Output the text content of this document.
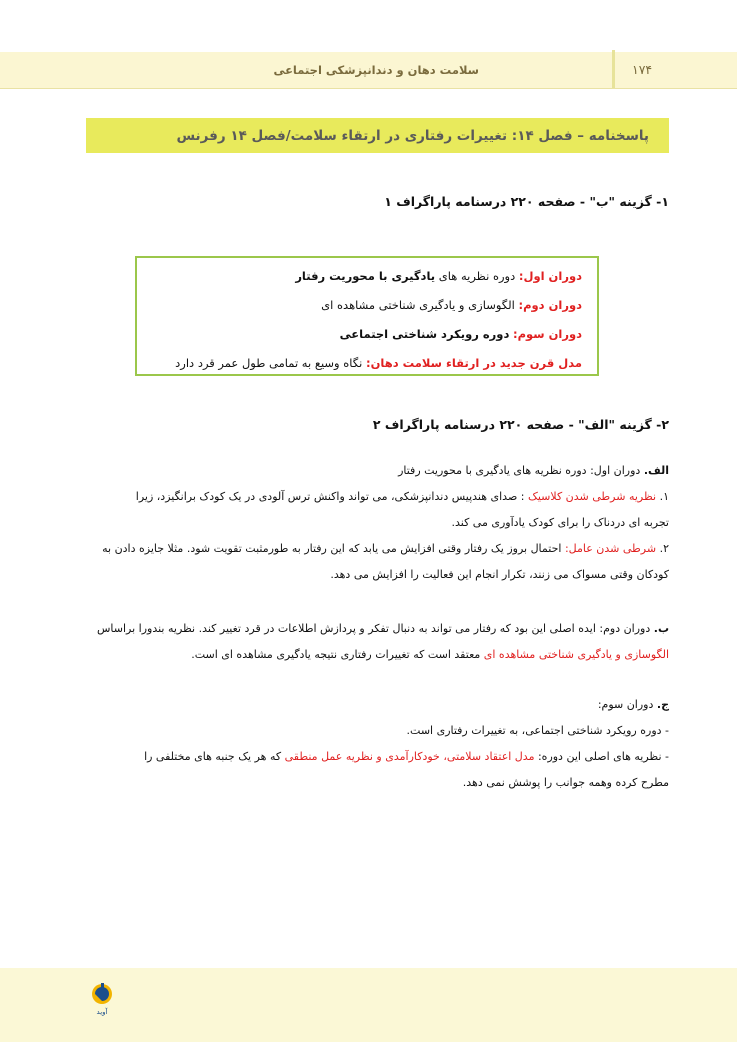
سلامت دهان و دندانپزشکی اجتماعی	۱۷۴
پاسخنامه – فصل ۱۴: تغییرات رفتاری در ارتقاء سلامت/فصل ۱۴ رفرنس
۱- گزینه "ب" - صفحه ۲۲۰ درسنامه پاراگراف ۱
دوران اول: دوره نظریه های یادگیری با محوریت رفتار
دوران دوم: الگوسازی و یادگیری شناختی مشاهده ای
دوران سوم: دوره رویکرد شناختی اجتماعی
مدل قرن جدید در ارتقاء سلامت دهان: نگاه وسیع به تمامی طول عمر قرد دارد
۲- گزینه "الف" - صفحه ۲۲۰ درسنامه پاراگراف ۲
الف. دوران اول: دوره نظریه های یادگیری با محوریت رفتار
۱. نظریه شرطی شدن کلاسیک : صدای هندپیس دندانپزشکی، می تواند واکنش ترس آلودی در یک کودک برانگیزد، زیرا
تجربه ای دردناک را برای کودک یادآوری می کند.
۲. شرطی شدن عامل: احتمال بروز یک رفتار وقتی افزایش می یابد که این رفتار به طورمثبت تقویت شود. مثلا جایزه دادن به
کودکان وقتی مسواک می زنند، تکرار انجام این فعالیت را افزایش می دهد.
ب. دوران دوم: ایده اصلی این بود که رفتار می تواند به دنبال تفکر و پردازش اطلاعات در قرد تغییر کند. نظریه بندورا براساس
الگوسازی و یادگیری شناختی مشاهده ای معتقد است که تغییرات رفتاری نتیجه یادگیری مشاهده ای است.
ج. دوران سوم:
- دوره رویکرد شناختی اجتماعی، به تغییرات رفتاری است.
- نظریه های اصلی این دوره: مدل اعتقاد سلامتی، خودکارآمدی و نظریه عمل منطقی که هر یک جنبه های مختلفی را
مطرح کرده وهمه جوانب را پوشش نمی دهد.
آوید
